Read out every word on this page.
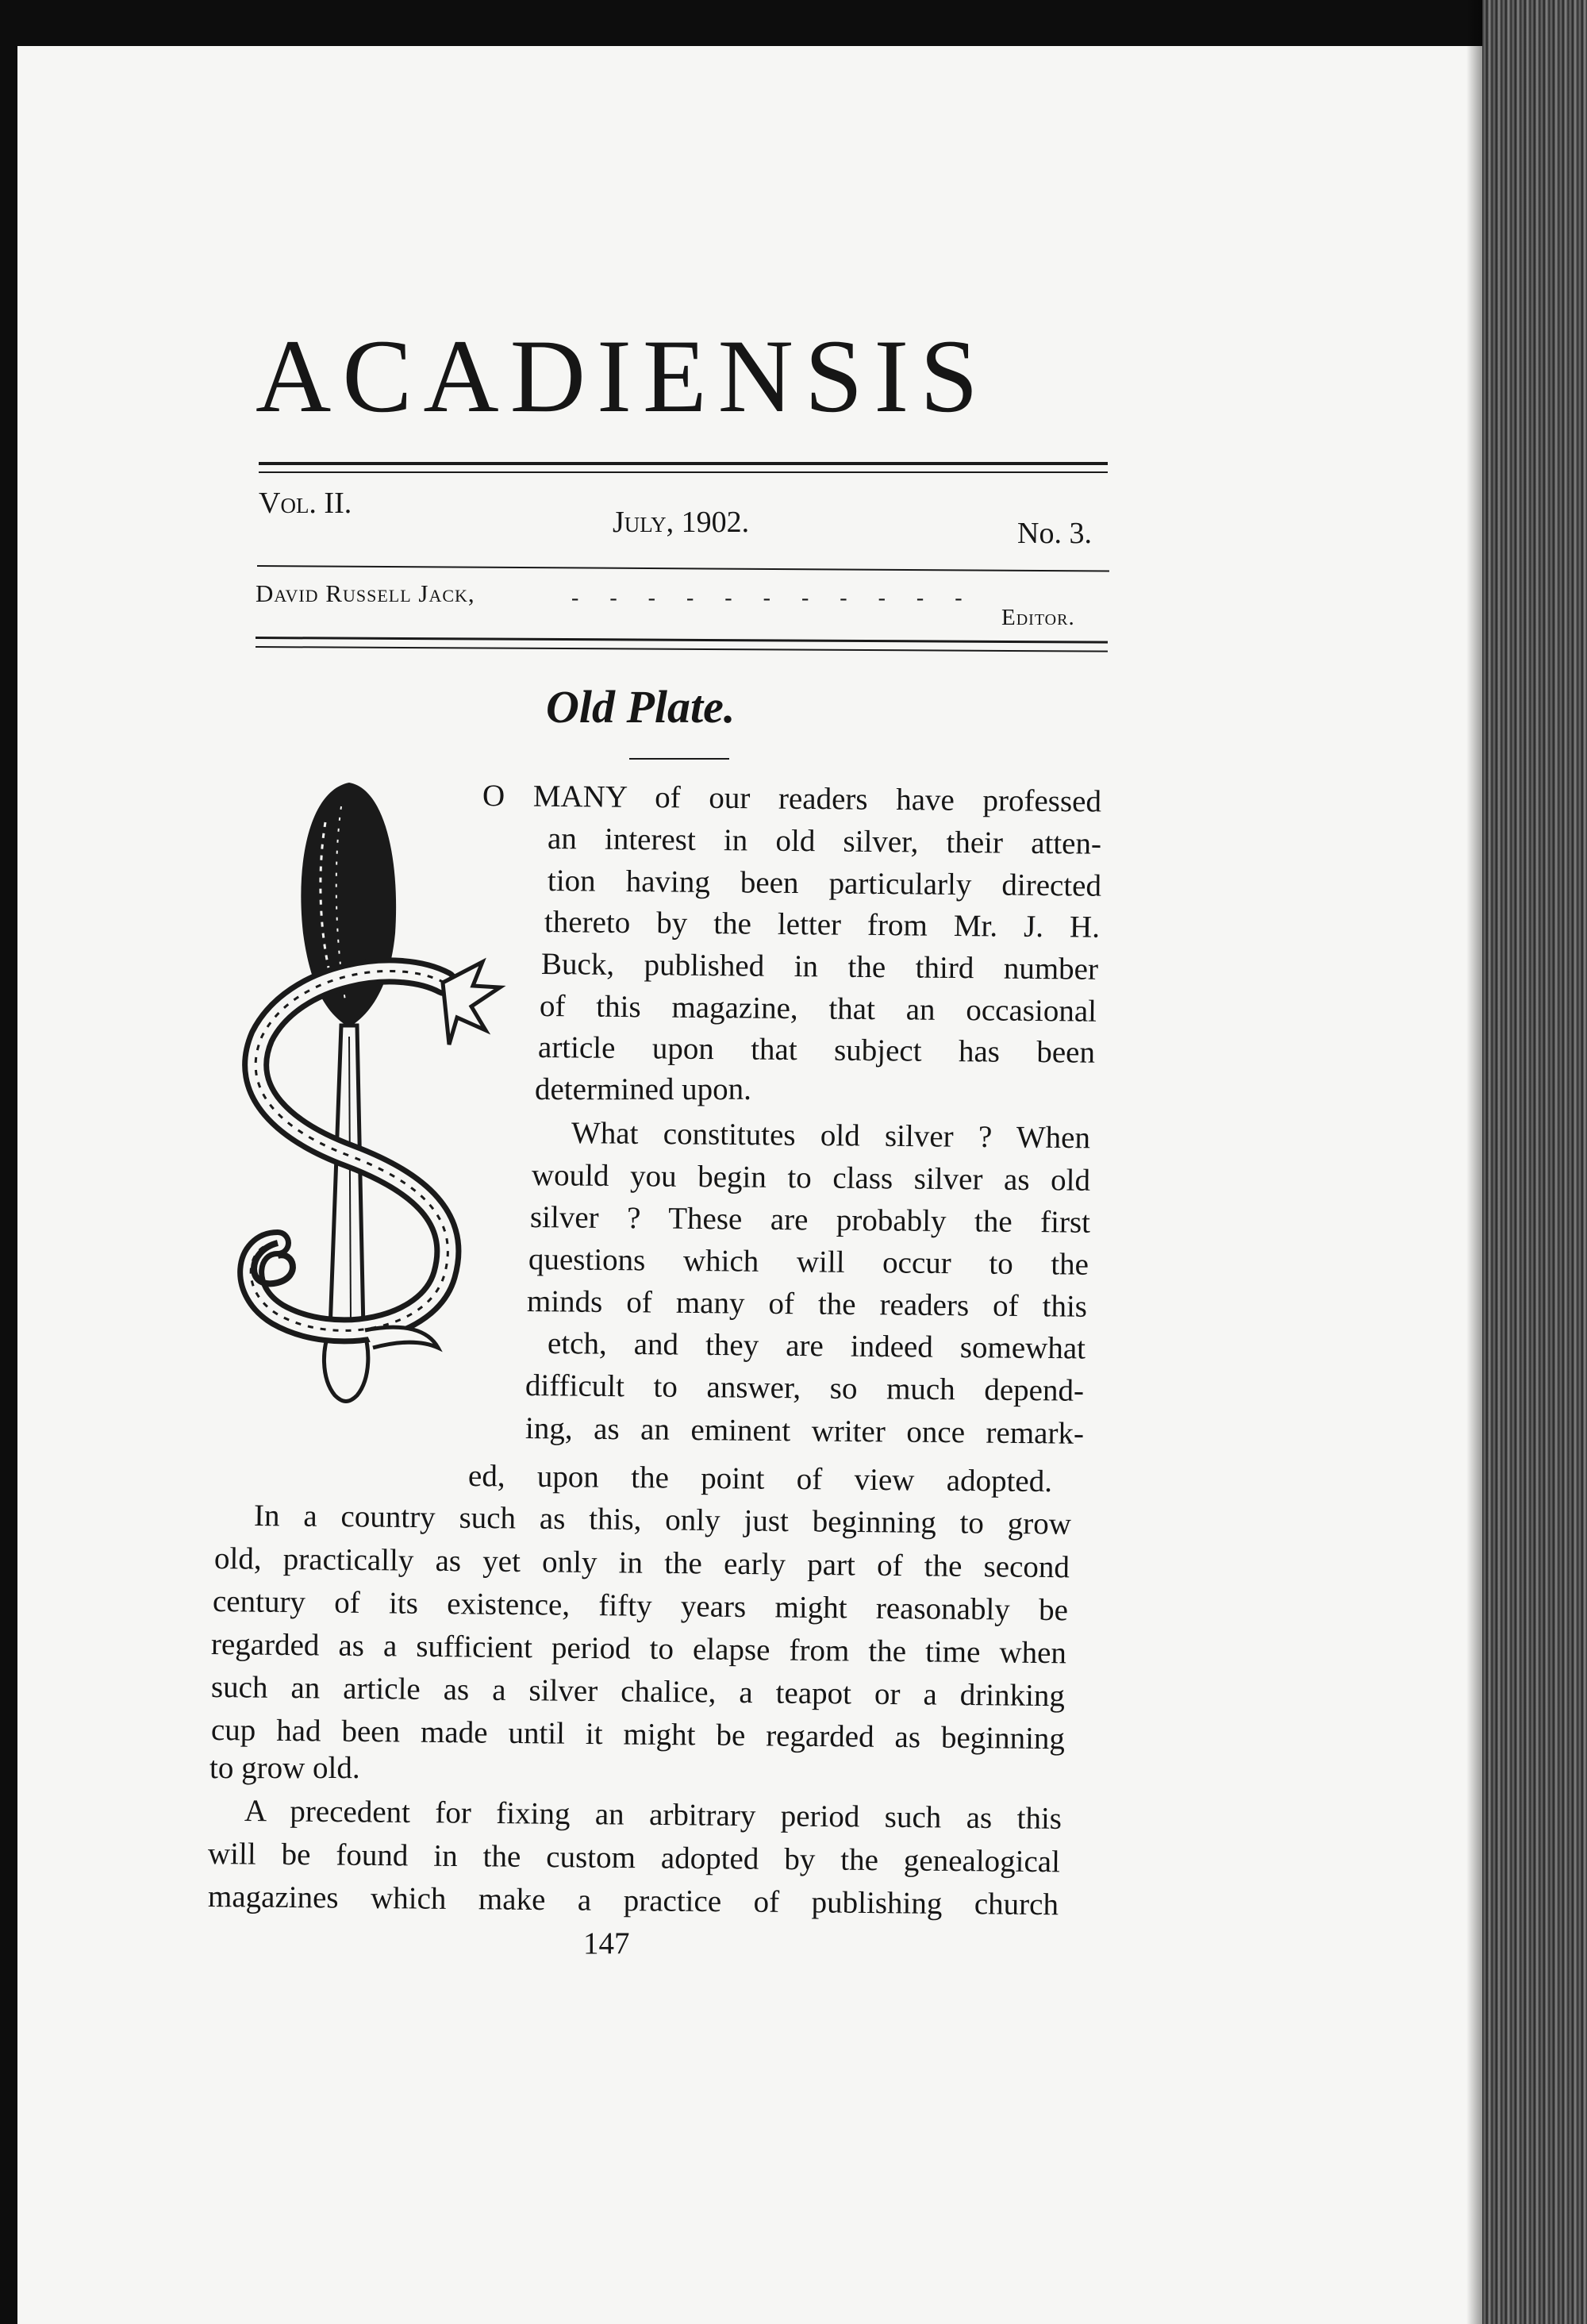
ACADIENSIS
Vol. II.
July, 1902.	No. 3.
David Russell Jack,	- - - - - - - - - - -
Editor.
Old Plate.
O MANY of our readers have professed
an interest in old silver, their atten-
tion having been particularly directed
thereto by the letter from Mr. J. H.
Buck, published in the third number
of this magazine, that an occasional
article upon that subject has been
determined upon.
What constitutes old silver ? When
would you begin to class silver as old
silver ? These are probably the first
questions which will occur to the
minds of many of the readers of this
etch, and they are indeed somewhat
difficult to answer, so much depend-
ing, as an eminent writer once remark-
ed, upon the point of view adopted.
In a country such as this, only just beginning to grow
old, practically as yet only in the early part of the second
century of its existence, fifty years might reasonably be
regarded as a sufficient period to elapse from the time when
such an article as a silver chalice, a teapot or a drinking
cup had been made until it might be regarded as beginning
to grow old.
A precedent for fixing an arbitrary period such as this
will be found in the custom adopted by the genealogical
magazines which make a practice of publishing church
147
